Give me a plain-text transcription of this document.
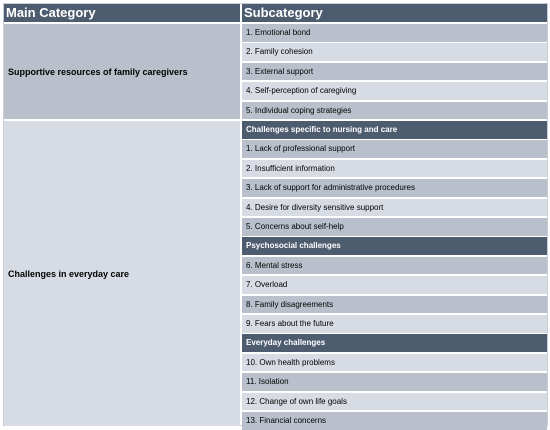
Main Category	Subcategory
Supportive resources of family caregivers
Challenges in everyday care
1. Emotional bond
2. Family cohesion
3. External support
4. Self-perception of caregiving
5. Individual coping strategies
Challenges specific to nursing and care
1. Lack of professional support
2. Insufficient information
3. Lack of support for administrative procedures
4. Desire for diversity sensitive support
5. Concerns about self-help
Psychosocial challenges
6. Mental stress
7. Overload
8. Family disagreements
9. Fears about the future
Everyday challenges
10. Own health problems
11. Isolation
12. Change of own life goals
13. Financial concerns
